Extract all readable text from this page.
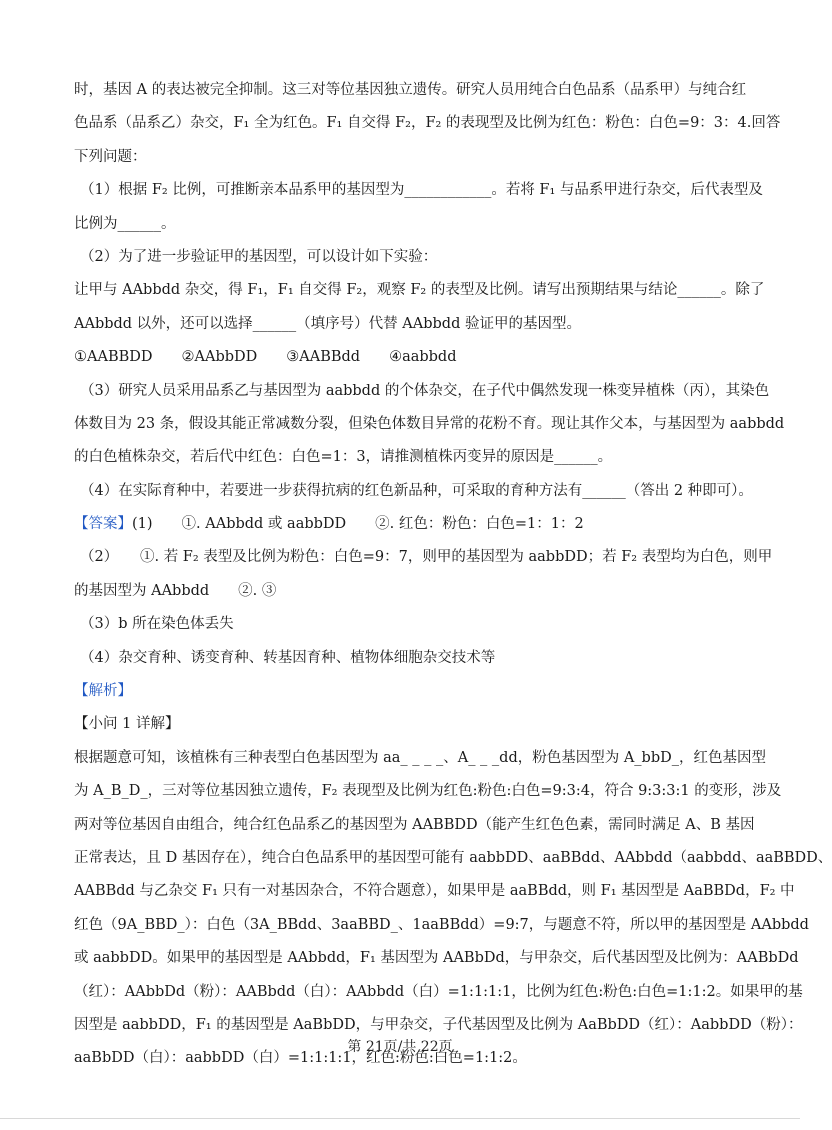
时，基因 A 的表达被完全抑制。这三对等位基因独立遗传。研究人员用纯合白色品系（品系甲）与纯合红
色品系（品系乙）杂交，F₁ 全为红色。F₁ 自交得 F₂，F₂ 的表现型及比例为红色：粉色：白色=9：3：4.回答
下列问题：
（1）根据 F₂ 比例，可推断亲本品系甲的基因型为____________。若将 F₁ 与品系甲进行杂交，后代表型及
比例为______。
（2）为了进一步验证甲的基因型，可以设计如下实验：
让甲与 AAbbdd 杂交，得 F₁，F₁ 自交得 F₂，观察 F₂ 的表型及比例。请写出预期结果与结论______。除了
AAbbdd 以外，还可以选择______（填序号）代替 AAbbdd 验证甲的基因型。
①AABBDD　　②AAbbDD　　③AABBdd　　④aabbdd
（3）研究人员采用品系乙与基因型为 aabbdd 的个体杂交，在子代中偶然发现一株变异植株（丙），其染色
体数目为 23 条，假设其能正常减数分裂，但染色体数目异常的花粉不育。现让其作父本，与基因型为 aabbdd
的白色植株杂交，若后代中红色：白色=1：3，请推测植株丙变异的原因是______。
（4）在实际育种中，若要进一步获得抗病的红色新品种，可采取的育种方法有______（答出 2 种即可）。
【答案】(1)　　①. AAbbdd 或 aabbDD　　②. 红色：粉色：白色=1：1：2
（2）　　①. 若 F₂ 表型及比例为粉色：白色=9：7，则甲的基因型为 aabbDD；若 F₂ 表型均为白色，则甲
的基因型为 AAbbdd　　②. ③
（3）b 所在染色体丢失
（4）杂交育种、诱变育种、转基因育种、植物体细胞杂交技术等
【解析】
【小问 1 详解】
根据题意可知，该植株有三种表型白色基因型为 aa_ _ _ _、A_ _ _dd，粉色基因型为 A_bbD_，红色基因型
为 A_B_D_，三对等位基因独立遗传，F₂ 表现型及比例为红色:粉色:白色=9:3:4，符合 9:3:3:1 的变形，涉及
两对等位基因自由组合，纯合红色品系乙的基因型为 AABBDD（能产生红色色素，需同时满足 A、B 基因
正常表达，且 D 基因存在），纯合白色品系甲的基因型可能有 aabbDD、aaBBdd、AAbbdd（aabbdd、aaBBDD、
AABBdd 与乙杂交 F₁ 只有一对基因杂合，不符合题意），如果甲是 aaBBdd，则 F₁ 基因型是 AaBBDd，F₂ 中
红色（9A_BBD_）：白色（3A_BBdd、3aaBBD_、1aaBBdd）=9:7，与题意不符，所以甲的基因型是 AAbbdd
或 aabbDD。如果甲的基因型是 AAbbdd，F₁ 基因型为 AABbDd，与甲杂交，后代基因型及比例为：AABbDd
（红）：AAbbDd（粉）：AABbdd（白）：AAbbdd（白）=1:1:1:1，比例为红色:粉色:白色=1:1:2。如果甲的基
因型是 aabbDD，F₁ 的基因型是 AaBbDD，与甲杂交，子代基因型及比例为 AaBbDD（红）：AabbDD（粉）：
aaBbDD（白）：aabbDD（白）=1:1:1:1，红色:粉色:白色=1:1:2。
第 21页/共 22页
